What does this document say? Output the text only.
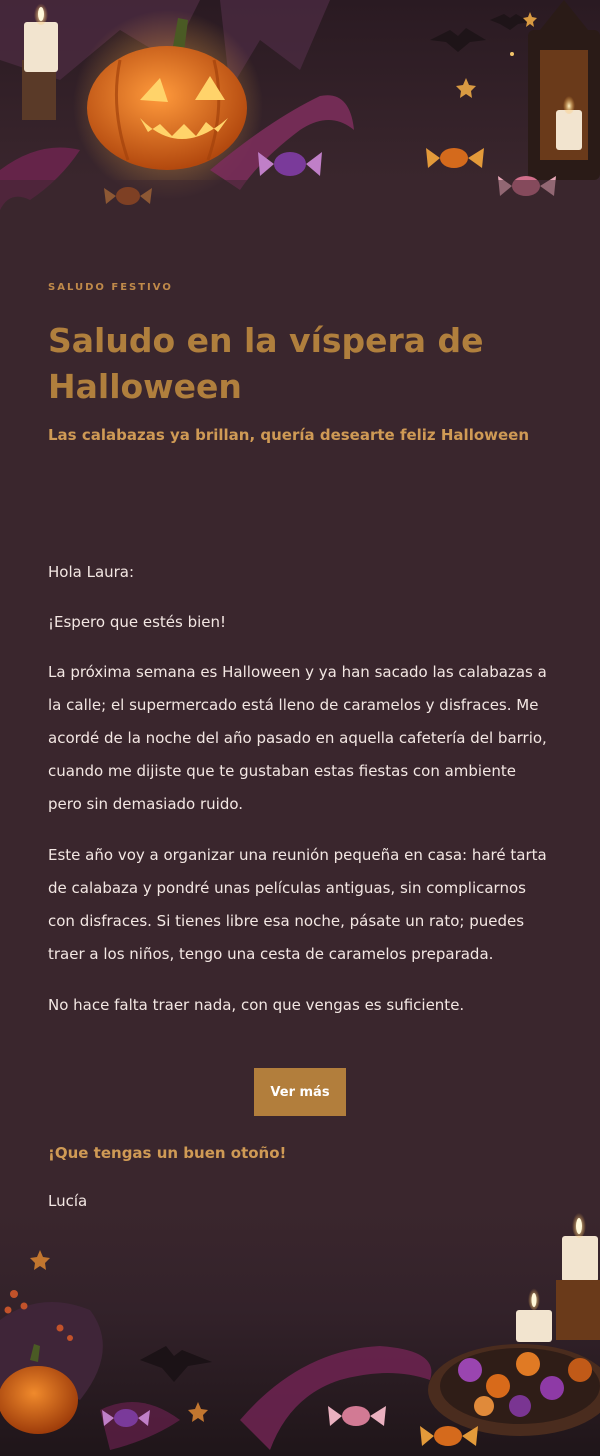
SALUDO FESTIVO
Saludo en la víspera de Halloween
Las calabazas ya brillan, quería desearte feliz Halloween

Hola Laura:

¡Espero que estés bien!

La próxima semana es Halloween y ya han sacado las calabazas a la calle; el supermercado está lleno de caramelos y disfraces. Me acordé de la noche del año pasado en aquella cafetería del barrio, cuando me dijiste que te gustaban estas fiestas con ambiente pero sin demasiado ruido.

Este año voy a organizar una reunión pequeña en casa: haré tarta de calabaza y pondré unas películas antiguas, sin complicarnos con disfraces. Si tienes libre esa noche, pásate un rato; puedes traer a los niños, tengo una cesta de caramelos preparada.

No hace falta traer nada, con que vengas es suficiente.

Ver más
¡Que tengas un buen otoño!
Lucía
